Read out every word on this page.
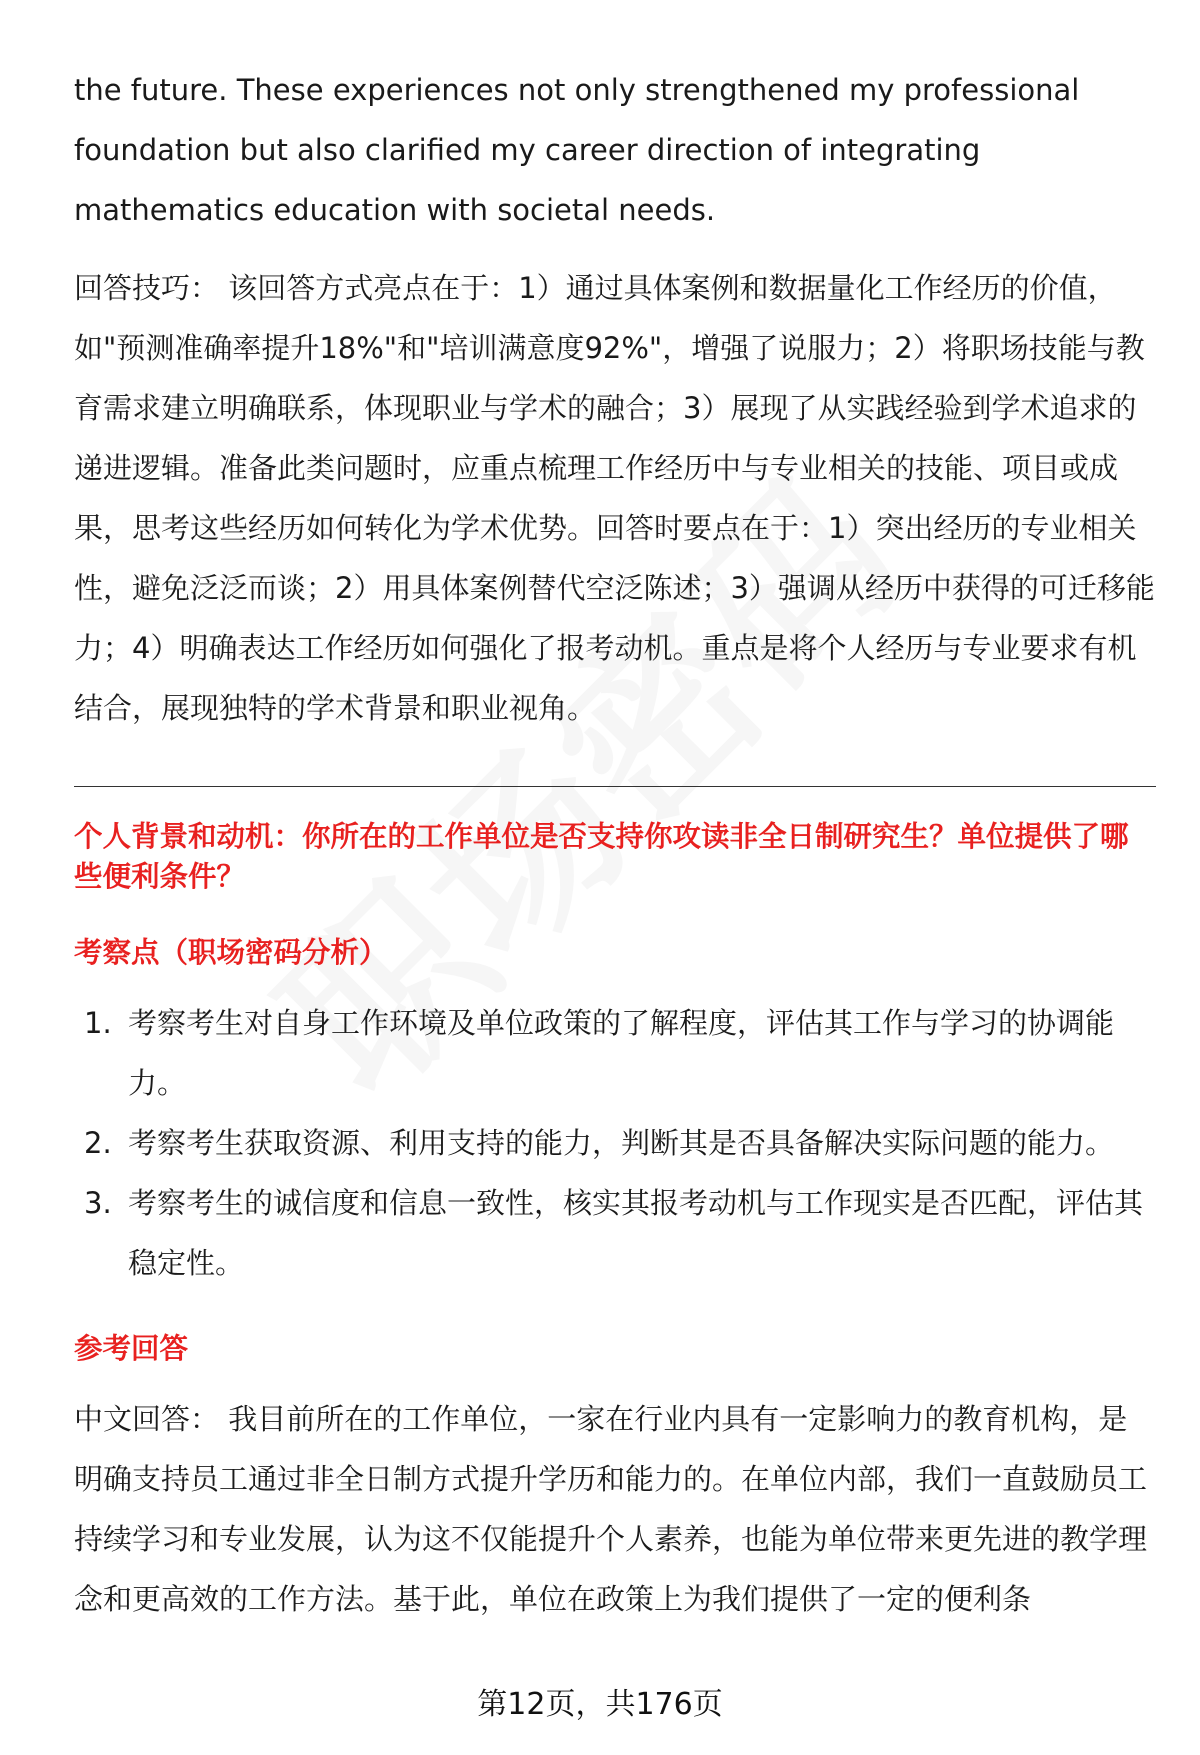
the future. These experiences not only strengthened my professional foundation but also clarified my career direction of integrating mathematics education with societal needs.

回答技巧： 该回答方式亮点在于：1）通过具体案例和数据量化工作经历的价值，如"预测准确率提升18%"和"培训满意度92%"，增强了说服力；2）将职场技能与教育需求建立明确联系，体现职业与学术的融合；3）展现了从实践经验到学术追求的递进逻辑。准备此类问题时，应重点梳理工作经历中与专业相关的技能、项目或成果，思考这些经历如何转化为学术优势。回答时要点在于：1）突出经历的专业相关性，避免泛泛而谈；2）用具体案例替代空泛陈述；3）强调从经历中获得的可迁移能力；4）明确表达工作经历如何强化了报考动机。重点是将个人经历与专业要求有机结合，展现独特的学术背景和职业视角。

个人背景和动机：你所在的工作单位是否支持你攻读非全日制研究生？单位提供了哪些便利条件？

考察点（职场密码分析）
1. 考察考生对自身工作环境及单位政策的了解程度，评估其工作与学习的协调能力。
2. 考察考生获取资源、利用支持的能力，判断其是否具备解决实际问题的能力。
3. 考察考生的诚信度和信息一致性，核实其报考动机与工作现实是否匹配，评估其稳定性。
参考回答

中文回答： 我目前所在的工作单位，一家在行业内具有一定影响力的教育机构，是明确支持员工通过非全日制方式提升学历和能力的。在单位内部，我们一直鼓励员工持续学习和专业发展，认为这不仅能提升个人素养，也能为单位带来更先进的教学理念和更高效的工作方法。基于此，单位在政策上为我们提供了一定的便利条

第12页，共176页
